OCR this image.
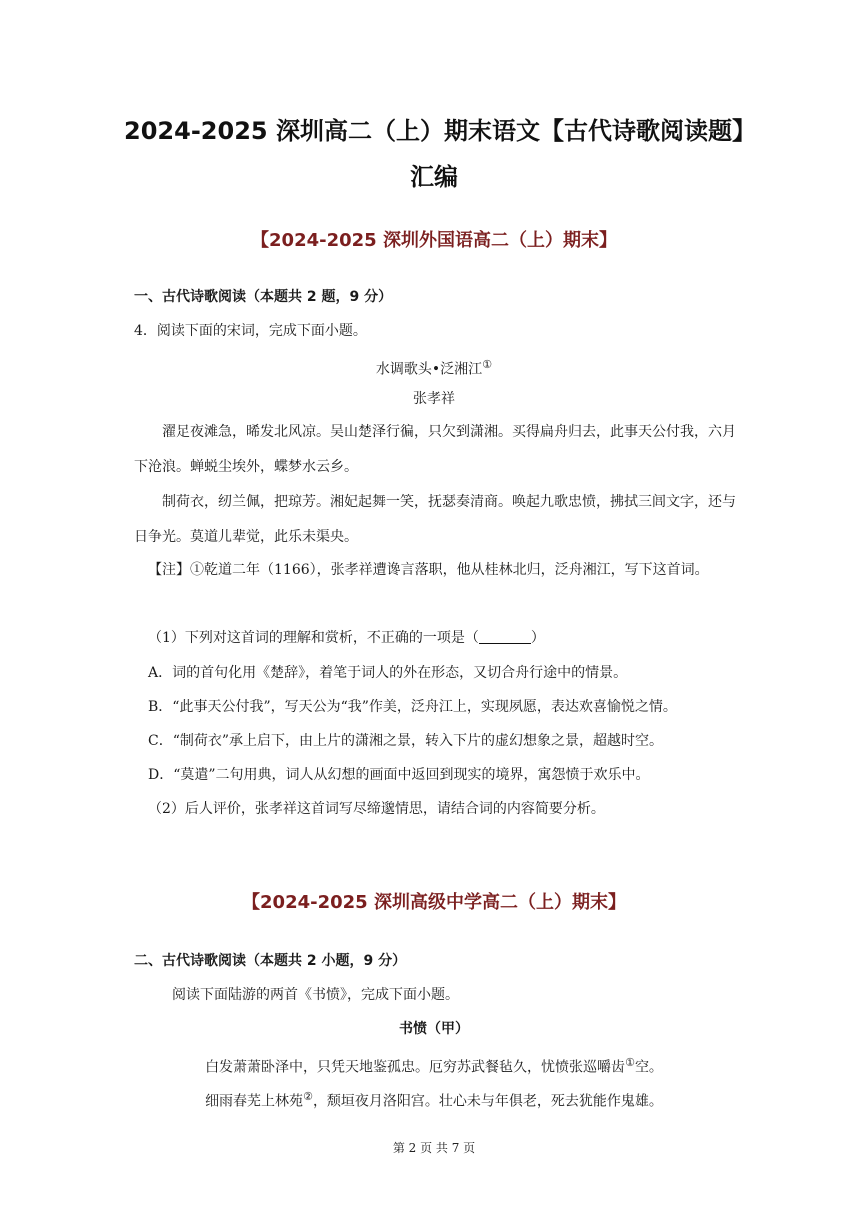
2024-2025 深圳高二（上）期末语文【古代诗歌阅读题】汇编
【2024-2025 深圳外国语高二（上）期末】
一、古代诗歌阅读（本题共 2 题，9 分）
4．阅读下面的宋词，完成下面小题。
水调歌头•泛湘江①
张孝祥
濯足夜滩急，晞发北风凉。吴山楚泽行徧，只欠到潇湘。买得扁舟归去，此事天公付我，六月下沧浪。蝉蜕尘埃外，蝶梦水云乡。
制荷衣，纫兰佩，把琼芳。湘妃起舞一笑，抚瑟奏清商。唤起九歌忠愤，拂拭三闾文字，还与日争光。莫道儿辈觉，此乐未渠央。
【注】①乾道二年（1166），张孝祥遭谗言落职，他从桂林北归，泛舟湘江，写下这首词。
（1）下列对这首词的理解和赏析，不正确的一项是（	）
A．词的首句化用《楚辞》，着笔于词人的外在形态，又切合舟行途中的情景。
B．“此事天公付我”，写天公为“我”作美，泛舟江上，实现夙愿，表达欢喜愉悦之情。
C．“制荷衣”承上启下，由上片的潇湘之景，转入下片的虚幻想象之景，超越时空。
D．“莫遣”二句用典，词人从幻想的画面中返回到现实的境界，寓怨愤于欢乐中。
（2）后人评价，张孝祥这首词写尽缔邈情思，请结合词的内容简要分析。
【2024-2025 深圳高级中学高二（上）期末】
二、古代诗歌阅读（本题共 2 小题，9 分）
阅读下面陆游的两首《书愤》，完成下面小题。
书愤（甲）
白发萧萧卧泽中，只凭天地鉴孤忠。厄穷苏武餐毡久，忧愤张巡嚼齿①空。
细雨春芜上林苑②，颓垣夜月洛阳宫。壮心未与年俱老，死去犹能作鬼雄。
第 2 页 共 7 页
